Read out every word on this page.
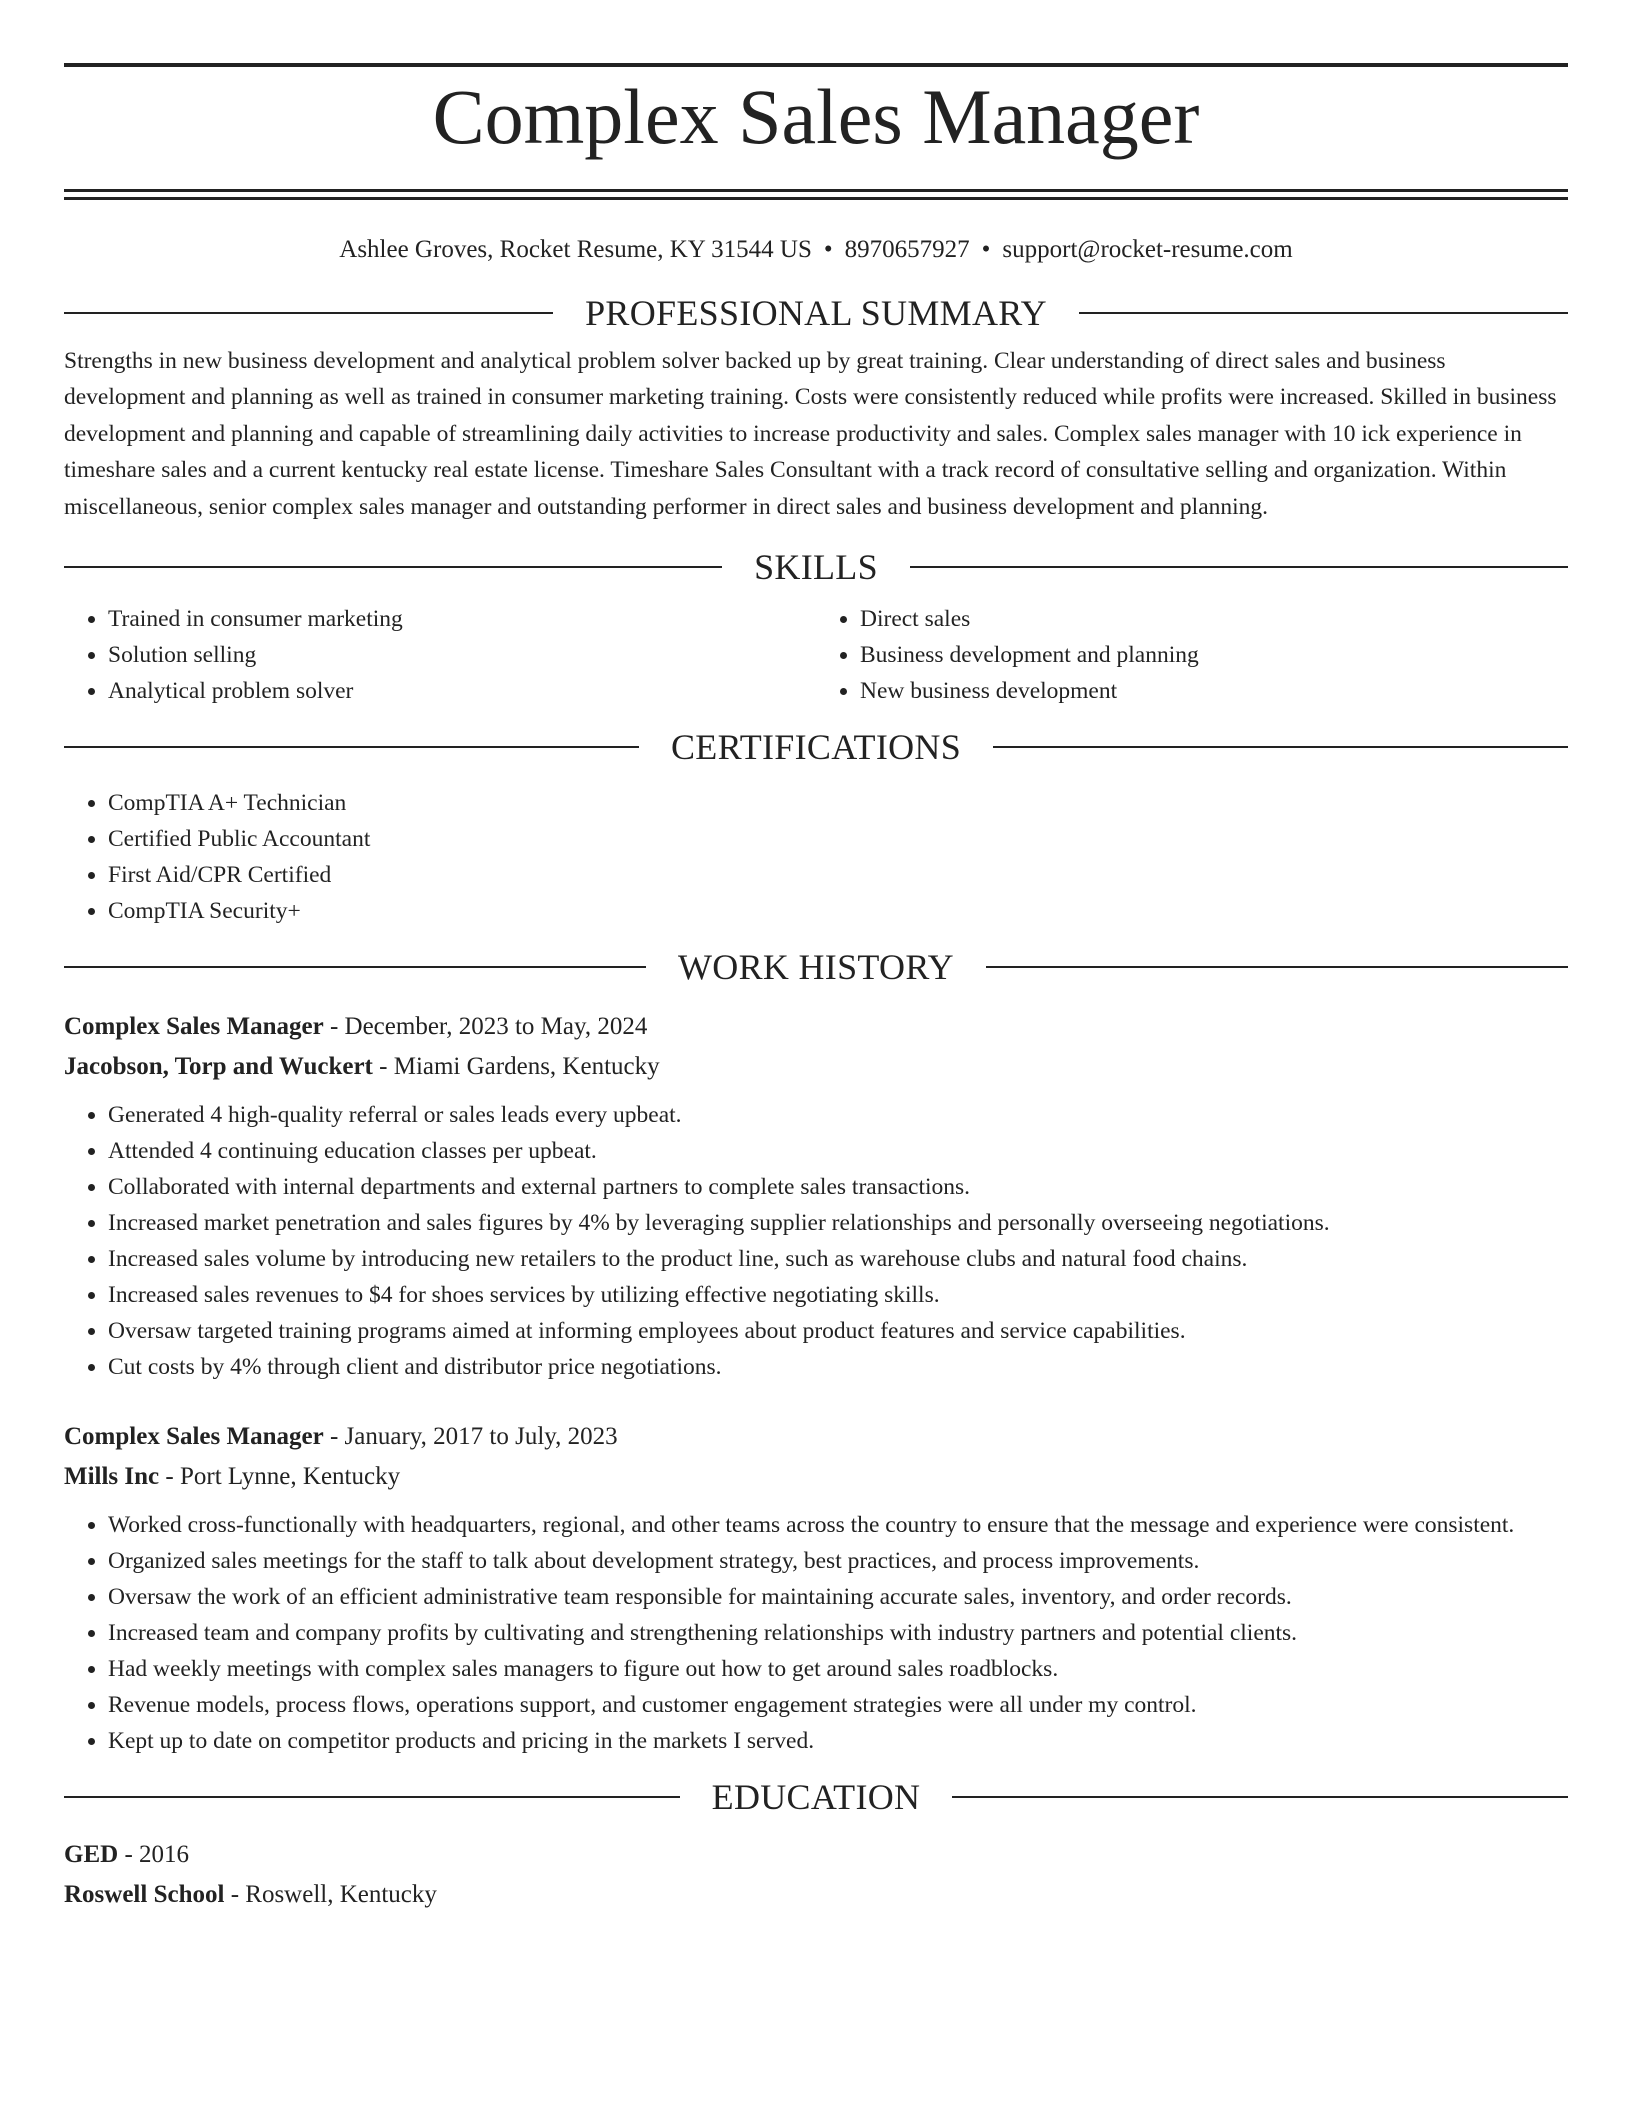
Complex Sales Manager
Ashlee Groves, Rocket Resume, KY 31544 US • 8970657927 • support@rocket-resume.com
PROFESSIONAL SUMMARY

Strengths in new business development and analytical problem solver backed up by great training. Clear understanding of direct sales and business development and planning as well as trained in consumer marketing training. Costs were consistently reduced while profits were increased. Skilled in business development and planning and capable of streamlining daily activities to increase productivity and sales. Complex sales manager with 10 ick experience in timeshare sales and a current kentucky real estate license. Timeshare Sales Consultant with a track record of consultative selling and organization. Within miscellaneous, senior complex sales manager and outstanding performer in direct sales and business development and planning.

SKILLS
• Trained in consumer marketing
• Solution selling
• Analytical problem solver
• Direct sales
• Business development and planning
• New business development
CERTIFICATIONS
• CompTIA A+ Technician
• Certified Public Accountant
• First Aid/CPR Certified
• CompTIA Security+
WORK HISTORY
Complex Sales Manager - December, 2023 to May, 2024
Jacobson, Torp and Wuckert - Miami Gardens, Kentucky
• Generated 4 high-quality referral or sales leads every upbeat.
• Attended 4 continuing education classes per upbeat.
• Collaborated with internal departments and external partners to complete sales transactions.
• Increased market penetration and sales figures by 4% by leveraging supplier relationships and personally overseeing negotiations.
• Increased sales volume by introducing new retailers to the product line, such as warehouse clubs and natural food chains.
• Increased sales revenues to $4 for shoes services by utilizing effective negotiating skills.
• Oversaw targeted training programs aimed at informing employees about product features and service capabilities.
• Cut costs by 4% through client and distributor price negotiations.
Complex Sales Manager - January, 2017 to July, 2023
Mills Inc - Port Lynne, Kentucky
• Worked cross-functionally with headquarters, regional, and other teams across the country to ensure that the message and experience were consistent.
• Organized sales meetings for the staff to talk about development strategy, best practices, and process improvements.
• Oversaw the work of an efficient administrative team responsible for maintaining accurate sales, inventory, and order records.
• Increased team and company profits by cultivating and strengthening relationships with industry partners and potential clients.
• Had weekly meetings with complex sales managers to figure out how to get around sales roadblocks.
• Revenue models, process flows, operations support, and customer engagement strategies were all under my control.
• Kept up to date on competitor products and pricing in the markets I served.
EDUCATION
GED - 2016
Roswell School - Roswell, Kentucky
